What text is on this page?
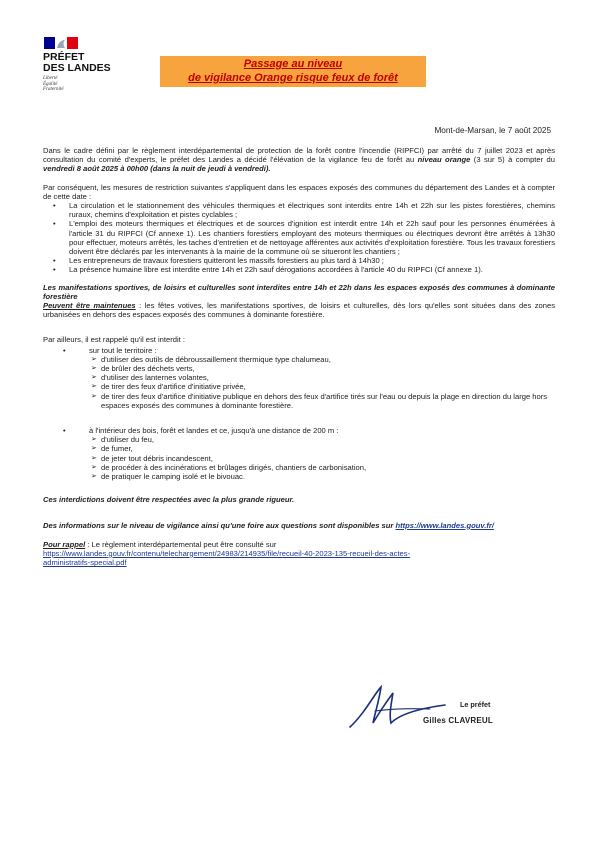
PRÉFET
DES LANDES
Liberté
Égalité
Fraternité
Passage au niveau
de vigilance Orange risque feux de forêt
Mont-de-Marsan, le 7 août 2025

Dans le cadre défini par le règlement interdépartemental de protection de la forêt contre l'incendie (RIPFCI) par arrêté du 7 juillet 2023 et après consultation du comité d'experts, le préfet des Landes a décidé l'élévation de la vigilance feu de forêt au niveau orange (3 sur 5) à compter du vendredi 8 août 2025 à 00h00 (dans la nuit de jeudi à vendredi).

Par conséquent, les mesures de restriction suivantes s'appliquent dans les espaces exposés des communes du département des Landes et à compter de cette date :

• La circulation et le stationnement des véhicules thermiques et électriques sont interdits entre 14h et 22h sur les pistes forestières, chemins ruraux, chemins d'exploitation et pistes cyclables ;
• L'emploi des moteurs thermiques et électriques et de sources d'ignition est interdit entre 14h et 22h sauf pour les personnes énumérées à l'article 31 du RIPFCI (Cf annexe 1). Les chantiers forestiers employant des moteurs thermiques ou électriques devront être arrêtés à 13h30 pour effectuer, moteurs arrêtés, les taches d'entretien et de nettoyage afférentes aux activités d'exploitation forestière. Tous les travaux forestiers doivent être déclarés par les intervenants à la mairie de la commune où se situeront les chantiers ;
• Les entrepreneurs de travaux forestiers quitteront les massifs forestiers au plus tard à 14h30 ;
• La présence humaine libre est interdite entre 14h et 22h sauf dérogations accordées à l'article 40 du RIPFCI (Cf annexe 1).

Les manifestations sportives, de loisirs et culturelles sont interdites entre 14h et 22h dans les espaces exposés des communes à dominante forestière

Peuvent être maintenues : les fêtes votives, les manifestations sportives, de loisirs et culturelles, dès lors qu'elles sont situées dans des zones urbanisées en dehors des espaces exposés des communes à dominante forestière.

Par ailleurs, il est rappelé qu'il est interdit :

• sur tout le territoire :
➢ d'utiliser des outils de débroussaillement thermique type chalumeau,
➢ de brûler des déchets verts,
➢ d'utiliser des lanternes volantes,
➢ de tirer des feux d'artifice d'initiative privée,
➢ de tirer des feux d'artifice d'initiative publique en dehors des feux d'artifice tirés sur l'eau ou depuis la plage en direction du large hors espaces exposés des communes à dominante forestière.
• à l'intérieur des bois, forêt et landes et ce, jusqu'à une distance de 200 m :
➢ d'utiliser du feu,
➢ de fumer,
➢ de jeter tout débris incandescent,
➢ de procéder à des incinérations et brûlages dirigés, chantiers de carbonisation,
➢ de pratiquer le camping isolé et le bivouac.

Ces interdictions doivent être respectées avec la plus grande rigueur.

Des informations sur le niveau de vigilance ainsi qu'une foire aux questions sont disponibles sur https://www.landes.gouv.fr/

Pour rappel : Le règlement interdépartemental peut être consulté sur

https://www.landes.gouv.fr/contenu/telechargement/24983/214935/file/recueil-40-2023-135-recueil-des-actes-

administratifs-special.pdf

Le préfet
Gilles CLAVREUL
